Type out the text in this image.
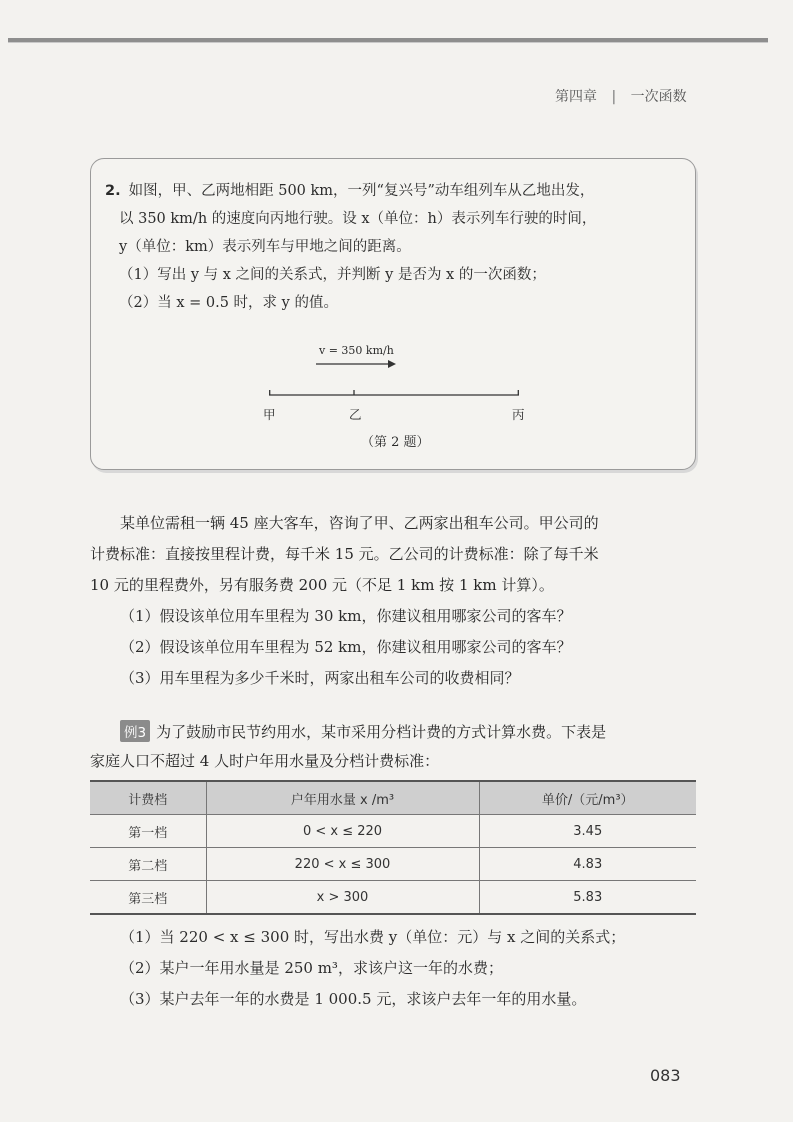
第四章 | 一次函数
2. 如图，甲、乙两地相距 500 km，一列“复兴号”动车组列车从乙地出发，
以 350 km/h 的速度向丙地行驶。设 x（单位：h）表示列车行驶的时间，
y（单位：km）表示列车与甲地之间的距离。
（1）写出 y 与 x 之间的关系式，并判断 y 是否为 x 的一次函数；
（2）当 x = 0.5 时，求 y 的值。
v = 350 km/h
甲	乙	丙
（第 2 题）
某单位需租一辆 45 座大客车，咨询了甲、乙两家出租车公司。甲公司的
计费标准：直接按里程计费，每千米 15 元。乙公司的计费标准：除了每千米
10 元的里程费外，另有服务费 200 元（不足 1 km 按 1 km 计算）。
（1）假设该单位用车里程为 30 km，你建议租用哪家公司的客车？
（2）假设该单位用车里程为 52 km，你建议租用哪家公司的客车？
（3）用车里程为多少千米时，两家出租车公司的收费相同？
例3 为了鼓励市民节约用水，某市采用分档计费的方式计算水费。下表是
家庭人口不超过 4 人时户年用水量及分档计费标准：
计费档	户年用水量 x /m³	单价/（元/m³）
第一档	0 < x ≤ 220	3.45
第二档	220 < x ≤ 300	4.83
第三档	x > 300	5.83
（1）当 220 < x ≤ 300 时，写出水费 y（单位：元）与 x 之间的关系式；
（2）某户一年用水量是 250 m³，求该户这一年的水费；
（3）某户去年一年的水费是 1 000.5 元，求该户去年一年的用水量。
083
